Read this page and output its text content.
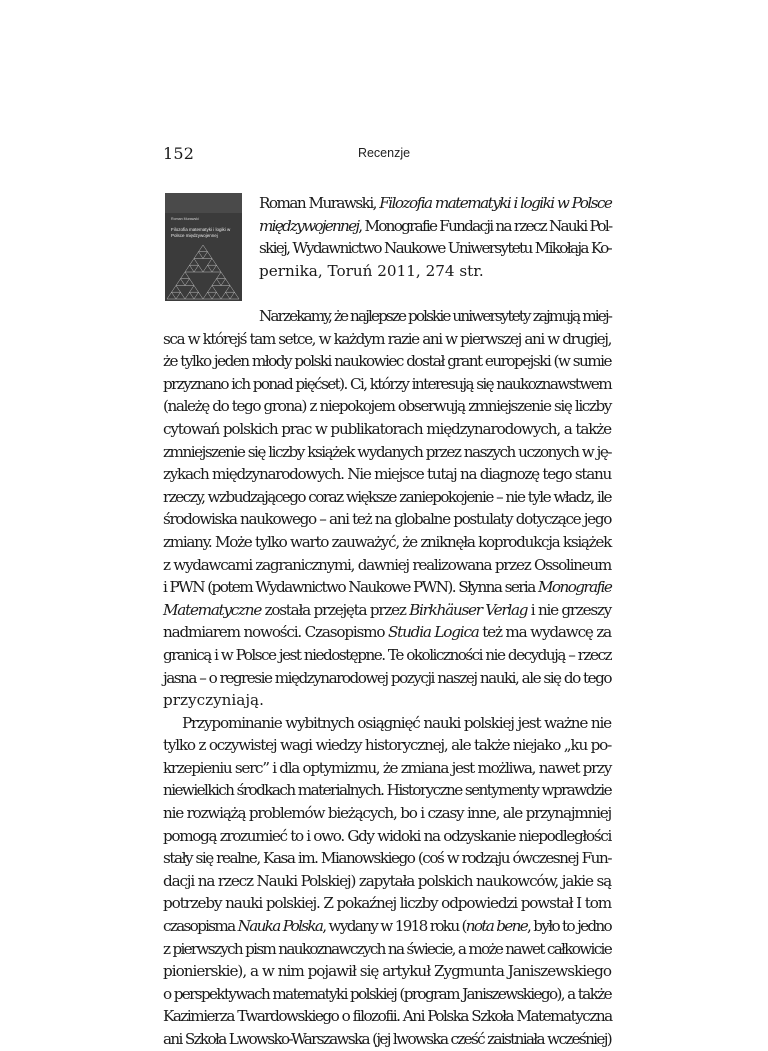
152	Recenzje
Roman Murawski
Filozofia matematyki i logiki w Polsce międzywojennej
Roman Murawski, Filozofia matematyki i logiki w Polsce
międzywojennej, Monografie Fundacji na rzecz Nauki Pol-
skiej, Wydawnictwo Naukowe Uniwersytetu Mikołaja Ko-
pernika, Toruń 2011, 274 str.
Narzekamy, że najlepsze polskie uniwersytety zajmują miej-
sca w którejś tam setce, w każdym razie ani w pierwszej ani w drugiej,
że tylko jeden młody polski naukowiec dostał grant europejski (w sumie
przyznano ich ponad pięćset). Ci, którzy interesują się naukoznawstwem
(należę do tego grona) z niepokojem obserwują zmniejszenie się liczby
cytowań polskich prac w publikatorach międzynarodowych, a także
zmniejszenie się liczby książek wydanych przez naszych uczonych w ję-
zykach międzynarodowych. Nie miejsce tutaj na diagnozę tego stanu
rzeczy, wzbudzającego coraz większe zaniepokojenie – nie tyle władz, ile
środowiska naukowego – ani też na globalne postulaty dotyczące jego
zmiany. Może tylko warto zauważyć, że zniknęła koprodukcja książek
z wydawcami zagranicznymi, dawniej realizowana przez Ossolineum
i PWN (potem Wydawnictwo Naukowe PWN). Słynna seria Monografie
Matematyczne została przejęta przez Birkhäuser Verlag i nie grzeszy
nadmiarem nowości. Czasopismo Studia Logica też ma wydawcę za
granicą i w Polsce jest niedostępne. Te okoliczności nie decydują – rzecz
jasna – o regresie międzynarodowej pozycji naszej nauki, ale się do tego
przyczyniają.
Przypominanie wybitnych osiągnięć nauki polskiej jest ważne nie
tylko z oczywistej wagi wiedzy historycznej, ale także niejako „ku po-
krzepieniu serc” i dla optymizmu, że zmiana jest możliwa, nawet przy
niewielkich środkach materialnych. Historyczne sentymenty wprawdzie
nie rozwiążą problemów bieżących, bo i czasy inne, ale przynajmniej
pomogą zrozumieć to i owo. Gdy widoki na odzyskanie niepodległości
stały się realne, Kasa im. Mianowskiego (coś w rodzaju ówczesnej Fun-
dacji na rzecz Nauki Polskiej) zapytała polskich naukowców, jakie są
potrzeby nauki polskiej. Z pokaźnej liczby odpowiedzi powstał I tom
czasopisma Nauka Polska, wydany w 1918 roku (nota bene, było to jedno
z pierwszych pism naukoznawczych na świecie, a może nawet całkowicie
pionierskie), a w nim pojawił się artykuł Zygmunta Janiszewskiego
o perspektywach matematyki polskiej (program Janiszewskiego), a także
Kazimierza Twardowskiego o filozofii. Ani Polska Szkoła Matematyczna
ani Szkoła Lwowsko-Warszawska (jej lwowska cześć zaistniała wcześniej)
